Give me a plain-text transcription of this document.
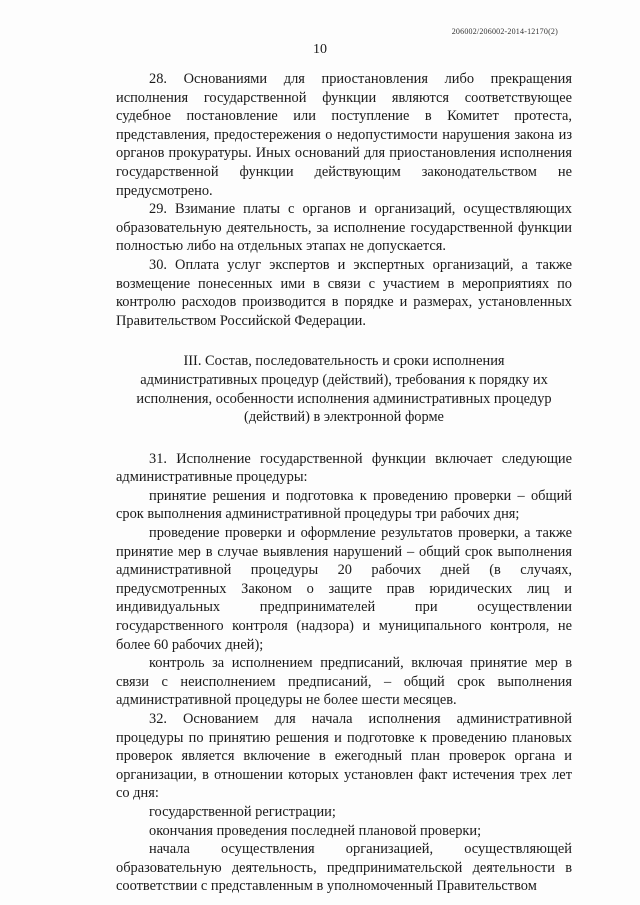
206002/206002-2014-12170(2)
10

28. Основаниями для приостановления либо прекращения исполнения государственной функции являются соответствующее судебное постановление или поступление в Комитет протеста, представления, предостережения о недопустимости нарушения закона из органов прокуратуры. Иных оснований для приостановления исполнения государственной функции действующим законодательством не предусмотрено.

29. Взимание платы с органов и организаций, осуществляющих образовательную деятельность, за исполнение государственной функции полностью либо на отдельных этапах не допускается.

30. Оплата услуг экспертов и экспертных организаций, а также возмещение понесенных ими в связи с участием в мероприятиях по контролю расходов производится в порядке и размерах, установленных Правительством Российской Федерации.

III. Состав, последовательность и сроки исполнения
административных процедур (действий), требования к порядку их
исполнения, особенности исполнения административных процедур
(действий) в электронной форме

31. Исполнение государственной функции включает следующие административные процедуры:

принятие решения и подготовка к проведению проверки – общий срок выполнения административной процедуры три рабочих дня;

проведение проверки и оформление результатов проверки, а также принятие мер в случае выявления нарушений – общий срок выполнения административной процедуры 20 рабочих дней (в случаях, предусмотренных Законом о защите прав юридических лиц и индивидуальных предпринимателей при осуществлении государственного контроля (надзора) и муниципального контроля, не более 60 рабочих дней);

контроль за исполнением предписаний, включая принятие мер в связи с неисполнением предписаний, – общий срок выполнения административной процедуры не более шести месяцев.

32. Основанием для начала исполнения административной процедуры по принятию решения и подготовке к проведению плановых проверок является включение в ежегодный план проверок органа и организации, в отношении которых установлен факт истечения трех лет со дня:

государственной регистрации;

окончания проведения последней плановой проверки;

начала осуществления организацией, осуществляющей образовательную деятельность, предпринимательской деятельности в соответствии с представленным в уполномоченный Правительством
